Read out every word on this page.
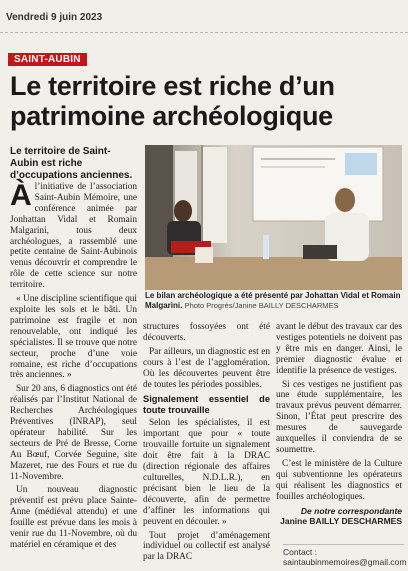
Vendredi 9 juin 2023
SAINT-AUBIN
Le territoire est riche d’un patrimoine archéologique
Le territoire de Saint-Aubin est riche d’occupations anciennes.
Le bilan archéologique a été présenté par Johattan Vidal et Romain Malgarini. Photo Progrès/Janine BAILLY DESCHARMES

Àl’initiative de l’association Saint-Aubin Mémoire, une conférence animée par Jonhattan Vidal et Romain Malgarini, tous deux archéologues, a rassemblé une petite centaine de Saint-Aubinois venus découvrir et comprendre le rôle de cette science sur notre territoire.

« Une discipline scientifique qui exploite les sols et le bâti. Un patrimoine est fragile et non renouvelable, ont indiqué les spécialistes. Il se trouve que notre secteur, proche d’une voie romaine, est riche d’occupations très anciennes. »

Sur 20 ans, 6 diagnostics ont été réalisés par l’Institut National de Recherches Archéologiques Préventives (INRAP), seul opérateur habilité. Sur les secteurs de Pré de Bresse, Corne Au Bœuf, Corvée Seguine, site Mazeret, rue des Fours et rue du 11-Novembre.

Un nouveau diagnostic préventif est prévu place Sainte-Anne (médiéval attendu) et une fouille est prévue dans les mois à venir rue du 11-Novembre, où du matériel en céramique et des

structures fossoyées ont été découverts.

Par ailleurs, un diagnostic est en cours à l’est de l’agglomération. Où les découvertes peuvent être de toutes les périodes possibles.

Signalement essentiel de toute trouvaille

Selon les spécialistes, il est important que pour « toute trouvaille fortuite un signalement doit être fait à la DRAC (direction régionale des affaires culturelles, N.D.L.R.), en précisant bien le lieu de la découverte, afin de permettre d’affiner les informations qui peuvent en découler. »

Tout projet d’aménagement individuel ou collectif est analysé par la DRAC

avant le début des travaux car des vestiges potentiels ne doivent pas y être mis en danger. Ainsi, le premier diagnostic évalue et identifie la présence de vestiges.

Si ces vestiges ne justifient pas une étude supplémentaire, les travaux prévus peuvent démarrer. Sinon, l’État peut prescrire des mesures de sauvegarde auxquelles il conviendra de se soumettre.

C’est le ministère de la Culture qui subventionne les opérateurs qui réalisent les diagnostics et fouilles archéologiques.

De notre correspondante
Janine BAILLY DESCHARMES
Contact : saintaubinmemoires@gmail.com
